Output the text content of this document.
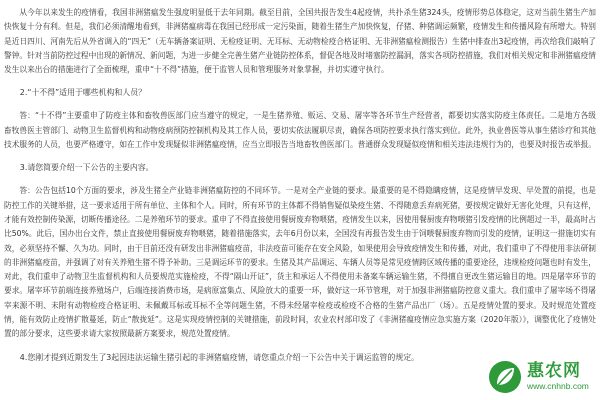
从今年以来发生的疫情看，我国非洲猪瘟发生强度明显低于去年同期。截至目前，全国共报告发生4起疫情，共扑杀生猪324头，疫情形势总体稳定，这对当前生猪生产加快恢复十分有利。但是，我们必须清醒地看到，非洲猪瘟病毒在我国已经形成一定污染面，随着生猪生产加快恢复，仔猪、种猪调运频繁，疫情发生和传播风险有所增大。特别是近日四川、河南先后从外省调入的“四无”（无车辆备案证明、无检疫证明、无耳标、无动物检疫合格证明、无非洲猪瘟检测报告）生猪中排查出3起疫情，再次给我们敲响了警钟。针对当前防控过程中出现的新情况、新问题，为进一步健全完善生猪产业链防控体系，督促各地及时堵塞防控漏洞，落实各项防控措施，我们对相关规定和非洲猪瘟疫情发生以来出台的措施进行了全面梳理，重申“十不得”措施，便于监管人员和管理服务对象掌握，并切实遵守执行。

2.“十不得”适用于哪些机构和人员？

答：“十不得”主要重申了防疫主体和畜牧兽医部门应当遵守的规定，一是生猪养殖、贩运、交易、屠宰等各环节生产经营者，都要切实落实防疫主体责任。二是地方各级畜牧兽医主管部门、动物卫生监督机构和动物疫病预防控制机构及其工作人员，要切实依法履职尽责，确保各项防控要求执行落实到位。此外，执业兽医等从事生猪诊疗和其他技术服务的人员，也要严格遵守，如在工作中发现疑似非洲猪瘟疫情，应当立即报告当地畜牧兽医部门。普通群众发现疑似疫情和相关违法违规行为的，也要及时报告或举报。

3.请您简要介绍一下公告的主要内容。

答：公告包括10个方面的要求，涉及生猪全产业链非洲猪瘟防控的不同环节。一是对全产业链的要求。最重要的是不得隐瞒疫情，这是疫情早发现、早处置的前提，也是防控工作的关键举措，这一要求适用于所有单位、主体和个人。同时，所有环节的主体都不得销售疑似染疫生猪、不得随意丢弃病死猪，要按规定做好无害化处理，只有这样，才能有效控制传染源，切断传播途径。二是养殖环节的要求。重申了不得直接使用餐厨废弃物喂猪，疫情发生以来，因使用餐厨废弃物喂猪引发疫情的比例超过一半，最高时占比50%。此后，国办出台文件，禁止直接使用餐厨废弃物喂猪，随着措施落实，去年6月份以来，全国没有再报告发生由于饲喂餐厨废弃物而引发的疫情，证明这一措施切实有效，必须坚持不懈、久为功。同时，由于目前还没有研发出非洲猪瘟疫苗，非法疫苗可能存在安全风险，如果使用会导致疫情发生和传播，对此，我们重申了不得使用非法研制的非洲猪瘟疫苗，并强调了对有关养殖生猪不得予补助。三是调运环节的要求。生猪及其产品调运、车辆人员等是常见疫情跨区域传播的重要途径，违规检疫问题也时有发生，对此，我们重申了动物卫生监督机构和人员要规范实施检疫，不得“隔山开证”，货主和承运人不得使用未备案车辆运输生猪，不得擅自更改生猪运输目的地。四是屠宰环节的要求。屠宰环节前端连接养殖场户，后端连接消费市场，是病原富集点、风险放大的重要一环，做好这一环节管理，对于加强非洲猪瘟防控意义重大。我们重申了屠宰场不得屠宰来源不明、未附有动物检疫合格证明、未佩戴耳标或耳标不全等问题生猪，不得未经屠宰检疫或检疫不合格的生猪产品出厂（场）。五是疫情处置的要求。及时规范处置疫情，能有效防止疫情扩散蔓延，防止“散拢延”。这是实现疫情控制的关键措施，前段时间，农业农村部印发了《非洲猪瘟疫情应急实施方案（2020年版）》，调整优化了疫情处置的部分要求，这些要求请大家按照最新方案要求，规范处置疫情。

4.您刚才提到近期发生了3起因违法运输生猪引起的非洲猪瘟疫情，请您重点介绍一下公告中关于调运监管的规定。

惠农网
www.cnhnb.com
